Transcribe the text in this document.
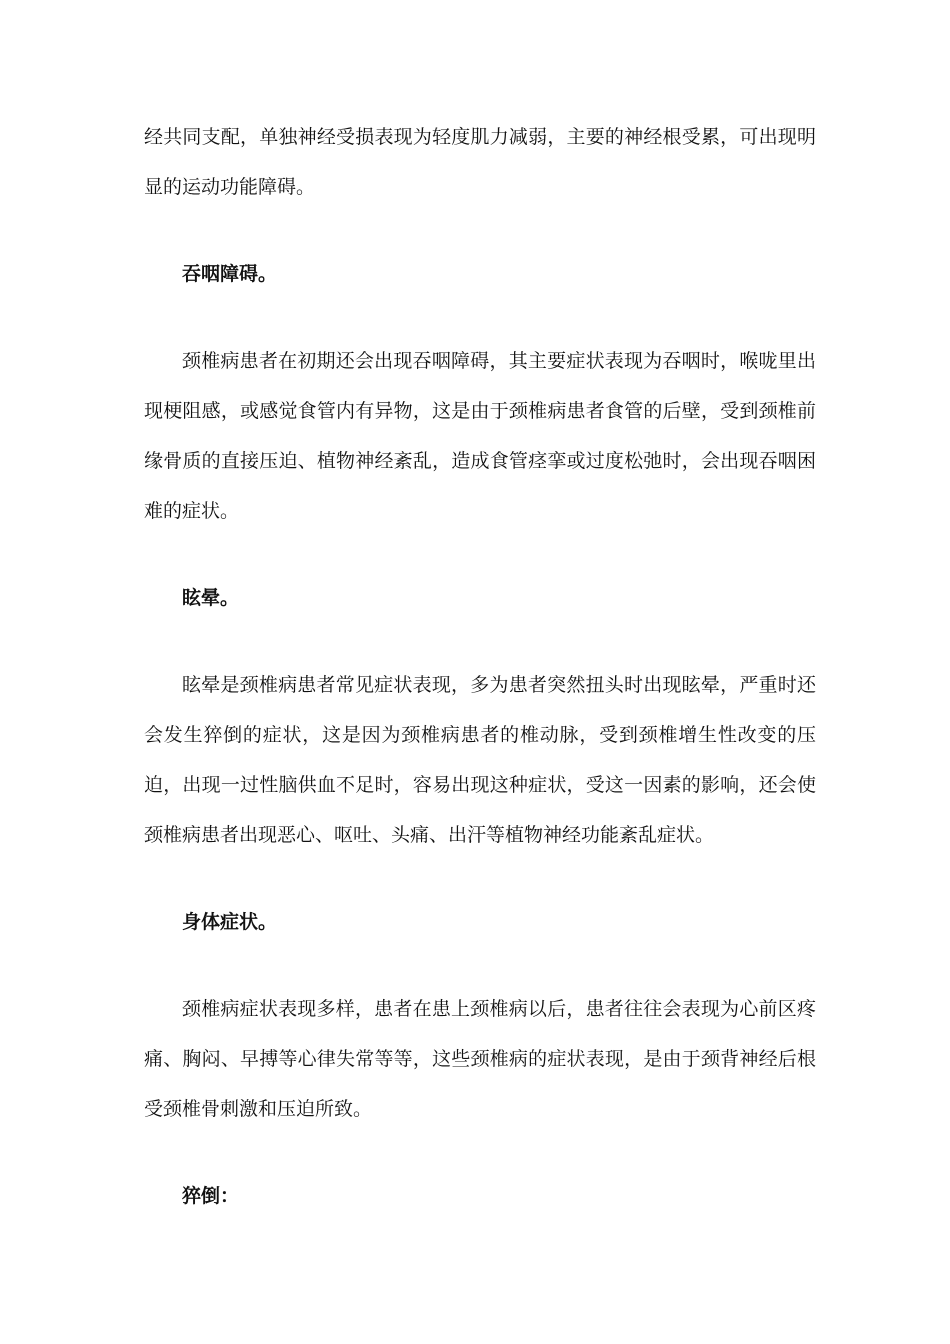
经共同支配，单独神经受损表现为轻度肌力减弱，主要的神经根受累，可出现明显的运动功能障碍。

吞咽障碍。

颈椎病患者在初期还会出现吞咽障碍，其主要症状表现为吞咽时，喉咙里出现梗阻感，或感觉食管内有异物，这是由于颈椎病患者食管的后壁，受到颈椎前缘骨质的直接压迫、植物神经紊乱，造成食管痉挛或过度松弛时，会出现吞咽困难的症状。

眩晕。

眩晕是颈椎病患者常见症状表现，多为患者突然扭头时出现眩晕，严重时还会发生猝倒的症状，这是因为颈椎病患者的椎动脉，受到颈椎增生性改变的压迫，出现一过性脑供血不足时，容易出现这种症状，受这一因素的影响，还会使颈椎病患者出现恶心、呕吐、头痛、出汗等植物神经功能紊乱症状。

身体症状。

颈椎病症状表现多样，患者在患上颈椎病以后，患者往往会表现为心前区疼痛、胸闷、早搏等心律失常等等，这些颈椎病的症状表现，是由于颈背神经后根受颈椎骨刺激和压迫所致。

猝倒：
